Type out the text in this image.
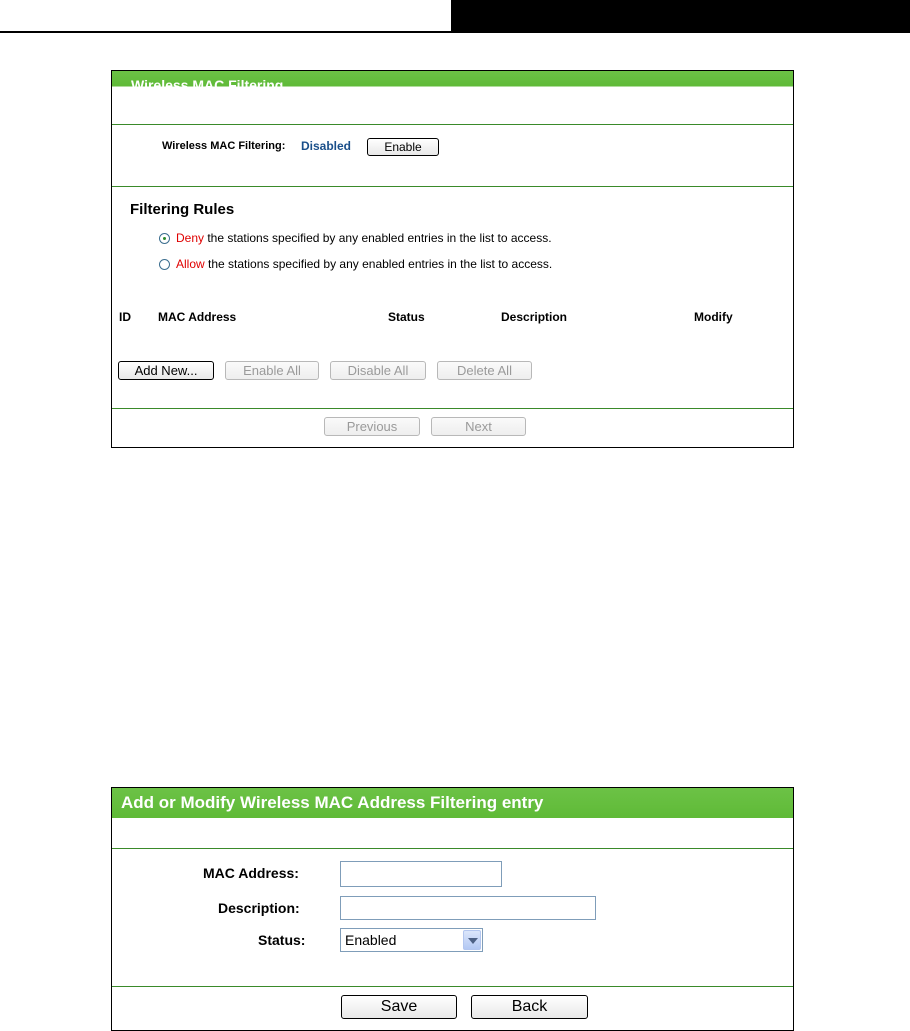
Wireless MAC Filtering
Wireless MAC Filtering: Disabled	Enable
Filtering Rules
Deny the stations specified by any enabled entries in the list to access.
Allow the stations specified by any enabled entries in the list to access.
ID MAC Address	Status	Description	Modify
Add New...	Enable All	Disable All	Delete All
Previous	Next
Add or Modify Wireless MAC Address Filtering entry
MAC Address:
Description:
Status:	Enabled
Save	Back
